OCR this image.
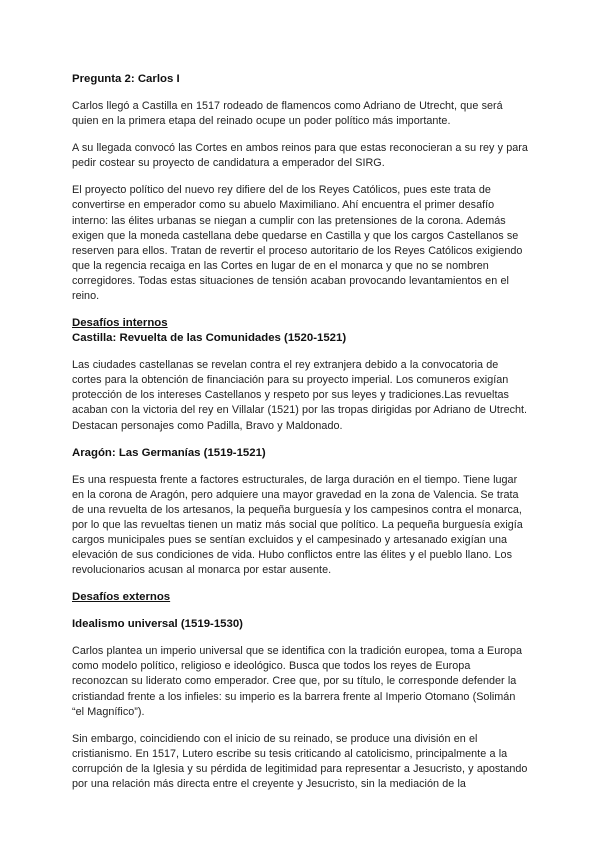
Pregunta 2: Carlos I

Carlos llegó a Castilla en 1517 rodeado de flamencos como Adriano de Utrecht, que será quien en la primera etapa del reinado ocupe un poder político más importante.

A su llegada convocó las Cortes en ambos reinos para que estas reconocieran a su rey y para pedir costear su proyecto de candidatura a emperador del SIRG.

El proyecto político del nuevo rey difiere del de los Reyes Católicos, pues este trata de convertirse en emperador como su abuelo Maximiliano. Ahí encuentra el primer desafío interno: las élites urbanas se niegan a cumplir con las pretensiones de la corona. Además exigen que la moneda castellana debe quedarse en Castilla y que los cargos Castellanos se reserven para ellos. Tratan de revertir el proceso autoritario de los Reyes Católicos exigiendo que la regencia recaiga en las Cortes en lugar de en el monarca y que no se nombren corregidores. Todas estas situaciones de tensión acaban provocando levantamientos en el reino.

Desafíos internos
Castilla: Revuelta de las Comunidades (1520-1521)

Las ciudades castellanas se revelan contra el rey extranjera debido a la convocatoria de cortes para la obtención de financiación para su proyecto imperial. Los comuneros exigían protección de los intereses Castellanos y respeto por sus leyes y tradiciones.Las revueltas acaban con la victoria del rey en Villalar (1521) por las tropas dirigidas por Adriano de Utrecht. Destacan personajes como Padilla, Bravo y Maldonado.

Aragón: Las Germanías (1519-1521)

Es una respuesta frente a factores estructurales, de larga duración en el tiempo. Tiene lugar en la corona de Aragón, pero adquiere una mayor gravedad en la zona de Valencia. Se trata de una revuelta de los artesanos, la pequeña burguesía y los campesinos contra el monarca, por lo que las revueltas tienen un matiz más social que político. La pequeña burguesía exigía cargos municipales pues se sentían excluidos y el campesinado y artesanado exigían una elevación de sus condiciones de vida. Hubo conflictos entre las élites y el pueblo llano. Los revolucionarios acusan al monarca por estar ausente.

Desafíos externos
Idealismo universal (1519-1530)

Carlos plantea un imperio universal que se identifica con la tradición europea, toma a Europa como modelo político, religioso e ideológico. Busca que todos los reyes de Europa reconozcan su liderato como emperador. Cree que, por su título, le corresponde defender la cristiandad frente a los infieles: su imperio es la barrera frente al Imperio Otomano (Solimán “el Magnífico”).

Sin embargo, coincidiendo con el inicio de su reinado, se produce una división en el cristianismo. En 1517, Lutero escribe su tesis criticando al catolicismo, principalmente a la corrupción de la Iglesia y su pérdida de legitimidad para representar a Jesucristo, y apostando por una relación más directa entre el creyente y Jesucristo, sin la mediación de la
